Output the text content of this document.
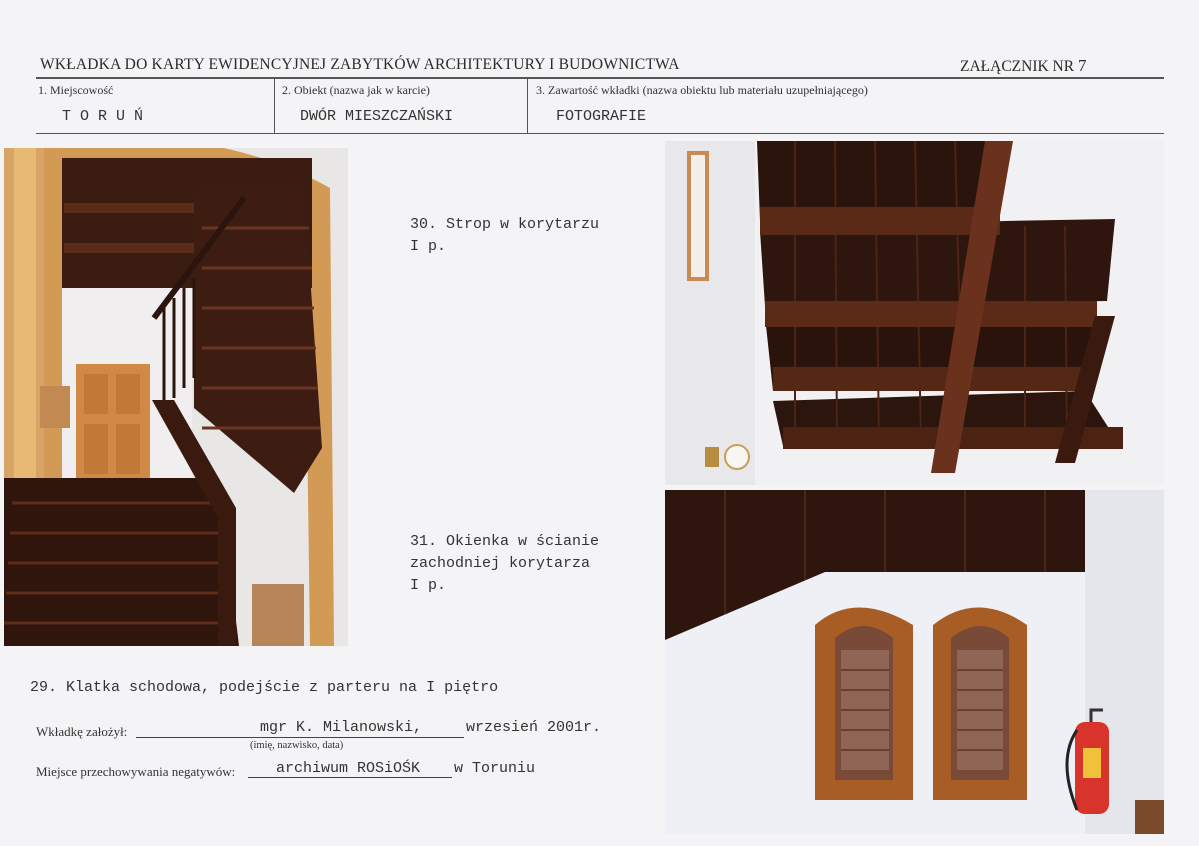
WKŁADKA DO KARTY EWIDENCYJNEJ ZABYTKÓW ARCHITEKTURY I BUDOWNICTWA	ZAŁĄCZNIK NR 7
1. Miejscowość
T O R U Ń
2. Obiekt (nazwa jak w karcie)
DWÓR MIESZCZAŃSKI
3. Zawartość wkładki (nazwa obiektu lub materiału uzupełniającego)
FOTOGRAFIE
30. Strop w korytarzu
I p.
31. Okienka w ścianie
zachodniej korytarza
I p.
29. Klatka schodowa, podejście z parteru na I piętro
Wkładkę założył:	mgr K. Milanowski,	wrzesień 2001r.
(imię, nazwisko, data)
Miejsce przechowywania negatywów:	archiwum ROSiOŚK w Toruniu
